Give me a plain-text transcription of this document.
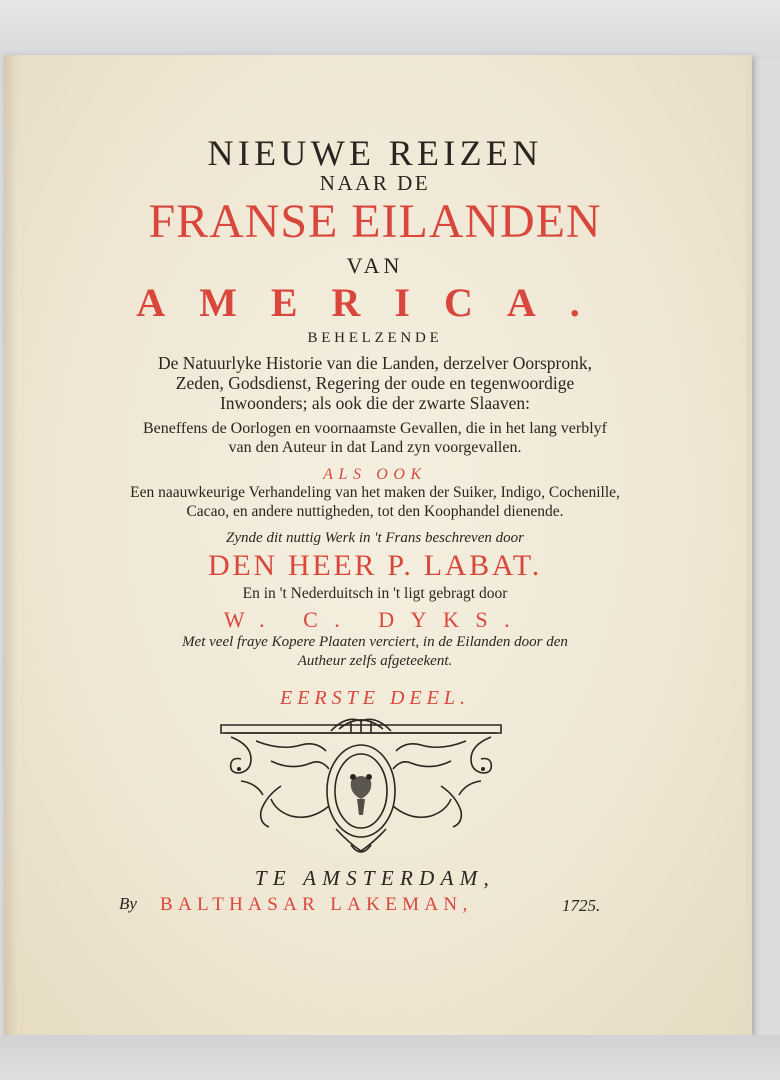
NIEUWE REIZEN
NAAR DE
FRANSE EILANDEN
VAN
AMERICA.
BEHELZENDE
De Natuurlyke Historie van die Landen, derzelver Oorspronk,
Zeden, Godsdienst, Regering der oude en tegenwoordige
Inwoonders; als ook die der zwarte Slaaven:
Beneffens de Oorlogen en voornaamste Gevallen, die in het lang verblyf
van den Auteur in dat Land zyn voorgevallen.
ALS OOK
Een naauwkeurige Verhandeling van het maken der Suiker, Indigo, Cochenille,
Cacao, en andere nuttigheden, tot den Koophandel dienende.
Zynde dit nuttig Werk in 't Frans beschreven door
DEN HEER P. LABAT.
En in 't Nederduitsch in 't ligt gebragt door
W. C. DYKS.
Met veel fraye Kopere Plaaten verciert, in de Eilanden door den
Autheur zelfs afgeteekent.
EERSTE DEEL.
TE AMSTERDAM,
By BALTHASAR LAKEMAN,	1725.
